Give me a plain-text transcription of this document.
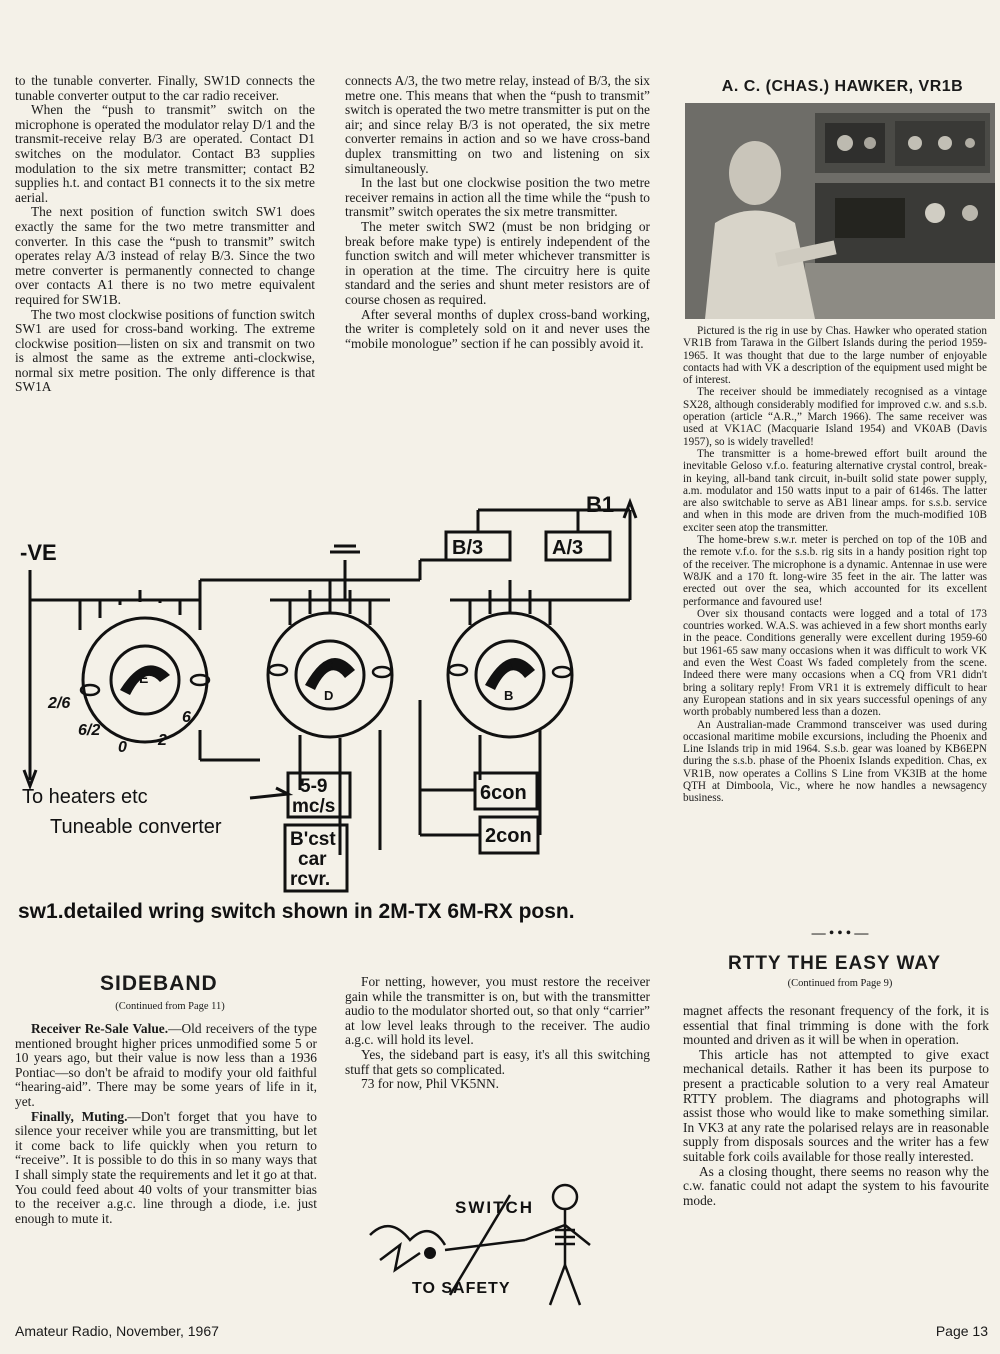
to the tunable converter. Finally, SW1D connects the tunable converter output to the car radio receiver.

When the “push to transmit” switch on the microphone is operated the modulator relay D/1 and the transmit-receive relay B/3 are operated. Contact D1 switches on the modulator. Contact B3 supplies modulation to the six metre transmitter; contact B2 supplies h.t. and contact B1 connects it to the six metre aerial.

The next position of function switch SW1 does exactly the same for the two metre transmitter and converter. In this case the “push to transmit” switch operates relay A/3 instead of relay B/3. Since the two metre converter is permanently connected to change over contacts A1 there is no two metre equivalent required for SW1B.

The two most clockwise positions of function switch SW1 are used for cross-band working. The extreme clockwise position—listen on six and transmit on two is almost the same as the extreme anti-clockwise, normal six metre position. The only difference is that SW1A

connects A/3, the two metre relay, instead of B/3, the six metre one. This means that when the “push to transmit” switch is operated the two metre transmitter is put on the air; and since relay B/3 is not operated, the six metre converter remains in action and so we have cross-band duplex transmitting on two and listening on six simultaneously.

In the last but one clockwise position the two metre receiver remains in action all the time while the “push to transmit” switch operates the six metre transmitter.

The meter switch SW2 (must be non bridging or break before make type) is entirely independent of the function switch and will meter whichever transmitter is in operation at the time. The circuitry here is quite standard and the series and shunt meter resistors are of course chosen as required.

After several months of duplex cross-band working, the writer is completely sold on it and never uses the “mobile monologue” section if he can possibly avoid it.

A. C. (CHAS.) HAWKER, VR1B

Pictured is the rig in use by Chas. Hawker who operated station VR1B from Tarawa in the Gilbert Islands during the period 1959-1965. It was thought that due to the large number of enjoyable contacts had with VK a description of the equipment used might be of interest.

The receiver should be immediately recognised as a vintage SX28, although considerably modified for improved c.w. and s.s.b. operation (article “A.R.,” March 1966). The same receiver was used at VK1AC (Macquarie Island 1954) and VK0AB (Davis 1957), so is widely travelled!

The transmitter is a home-brewed effort built around the inevitable Geloso v.f.o. featuring alternative crystal control, break-in keying, all-band tank circuit, in-built solid state power supply, a.m. modulator and 150 watts input to a pair of 6146s. The latter are also switchable to serve as AB1 linear amps. for s.s.b. service and when in this mode are driven from the much-modified 10B exciter seen atop the transmitter.

The home-brew s.w.r. meter is perched on top of the 10B and the remote v.f.o. for the s.s.b. rig sits in a handy position right top of the receiver. The microphone is a dynamic. Antennae in use were W8JK and a 170 ft. long-wire 35 feet in the air. The latter was erected out over the sea, which accounted for its excellent performance and favoured use!

Over six thousand contacts were logged and a total of 173 countries worked. W.A.S. was achieved in a few short months early in the peace. Conditions generally were excellent during 1959-60 but 1961-65 saw many occasions when it was difficult to work VK and even the West Coast Ws faded completely from the scene. Indeed there were many occasions when a CQ from VR1 didn't bring a solitary reply! From VR1 it is extremely difficult to hear any European stations and in six years successful openings of any worth probably numbered less than a dozen.

An Australian-made Crammond transceiver was used during occasional maritime mobile excursions, including the Phoenix and Line Islands trip in mid 1964. S.s.b. gear was loaned by KB6EPN during the s.s.b. phase of the Phoenix Islands expedition. Chas, ex VR1B, now operates a Collins S Line from VK3IB at the home QTH at Dimboola, Vic., where he now handles a newsagency business.

— • • • —
-VE
B1
B/3	A/3
E
C
D
A
B
2/6
6/2
0 2
6
5-9
mc/s
6con
2con
B'cst
car
rcvr.
To heaters etc
Tuneable converter
sw1.detailed wring switch shown in 2M-TX 6M-RX posn.
SIDEBAND
(Continued from Page 11)

Receiver Re-Sale Value.—Old receivers of the type mentioned brought higher prices unmodified some 5 or 10 years ago, but their value is now less than a 1936 Pontiac—so don't be afraid to modify your old faithful “hearing-aid”. There may be some years of life in it, yet.

Finally, Muting.—Don't forget that you have to silence your receiver while you are transmitting, but let it come back to life quickly when you return to “receive”. It is possible to do this in so many ways that I shall simply state the requirements and let it go at that. You could feed about 40 volts of your transmitter bias to the receiver a.g.c. line through a diode, i.e. just enough to mute it.

For netting, however, you must restore the receiver gain while the transmitter is on, but with the transmitter audio to the modulator shorted out, so that only “carrier” at low level leaks through to the receiver. The audio a.g.c. will hold its level.

Yes, the sideband part is easy, it's all this switching stuff that gets so complicated.

73 for now, Phil VK5NN.

SWITCH
TO SAFETY
RTTY THE EASY WAY
(Continued from Page 9)

magnet affects the resonant frequency of the fork, it is essential that final trimming is done with the fork mounted and driven as it will be when in operation.

This article has not attempted to give exact mechanical details. Rather it has been its purpose to present a practicable solution to a very real Amateur RTTY problem. The diagrams and photographs will assist those who would like to make something similar. In VK3 at any rate the polarised relays are in reasonable supply from disposals sources and the writer has a few suitable fork coils available for those really interested.

As a closing thought, there seems no reason why the c.w. fanatic could not adapt the system to his favourite mode.

Amateur Radio, November, 1967	Page 13
